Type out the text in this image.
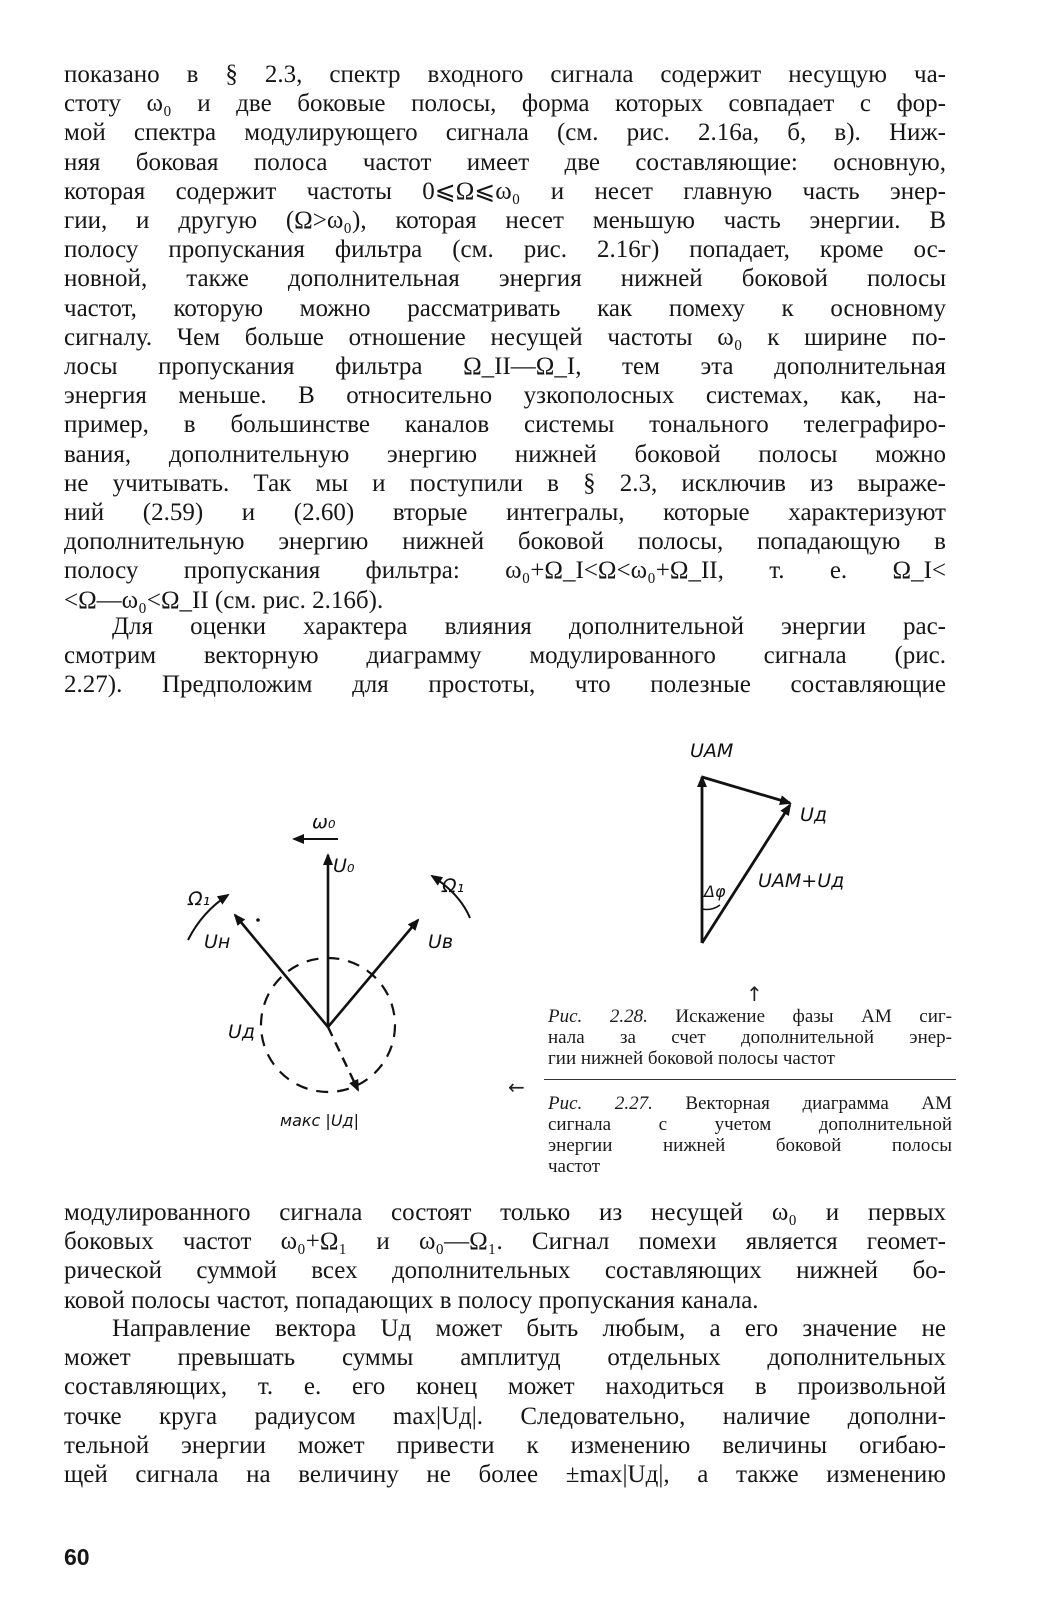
показано в § 2.3, спектр входного сигнала содержит несущую ча-
стоту ω₀ и две боковые полосы, форма которых совпадает с фор-
мой спектра модулирующего сигнала (см. рис. 2.16а, б, в). Ниж-
няя боковая полоса частот имеет две составляющие: основную,
которая содержит частоты 0⩽Ω⩽ω₀ и несет главную часть энер-
гии, и другую (Ω>ω₀), которая несет меньшую часть энергии. В
полосу пропускания фильтра (см. рис. 2.16г) попадает, кроме ос-
новной, также дополнительная энергия нижней боковой полосы
частот, которую можно рассматривать как помеху к основному
сигналу. Чем больше отношение несущей частоты ω₀ к ширине по-
лосы пропускания фильтра Ω_II—Ω_I, тем эта дополнительная
энергия меньше. В относительно узкополосных системах, как, на-
пример, в большинстве каналов системы тонального телеграфиро-
вания, дополнительную энергию нижней боковой полосы можно
не учитывать. Так мы и поступили в § 2.3, исключив из выраже-
ний (2.59) и (2.60) вторые интегралы, которые характеризуют
дополнительную энергию нижней боковой полосы, попадающую в
полосу пропускания фильтра: ω₀+Ω_I<Ω<ω₀+Ω_II, т. е. Ω_I<
<Ω—ω₀<Ω_II (см. рис. 2.16б).
Для оценки характера влияния дополнительной энергии рас-
смотрим векторную диаграмму модулированного сигнала (рис.
2.27). Предположим для простоты, что полезные составляющие
ω₀
U₀
Ω₁
Ω₁
Uн	Uв
Uд
макс |Uд|
UАМ
Uд
UАМ+Uд
Δφ
↑
←
Рис. 2.28. Искажение фазы АМ сиг-
нала за счет дополнительной энер-
гии нижней боковой полосы частот
Рис. 2.27. Векторная диаграмма АМ
сигнала с учетом дополнительной
энергии нижней боковой полосы
частот
модулированного сигнала состоят только из несущей ω₀ и первых
боковых частот ω₀+Ω₁ и ω₀—Ω₁. Сигнал помехи является геомет-
рической суммой всех дополнительных составляющих нижней бо-
ковой полосы частот, попадающих в полосу пропускания канала.
Направление вектора Uд может быть любым, а его значение не
может превышать суммы амплитуд отдельных дополнительных
составляющих, т. е. его конец может находиться в произвольной
точке круга радиусом max|Uд|. Следовательно, наличие дополни-
тельной энергии может привести к изменению величины огибаю-
щей сигнала на величину не более ±max|Uд|, а также изменению
60
